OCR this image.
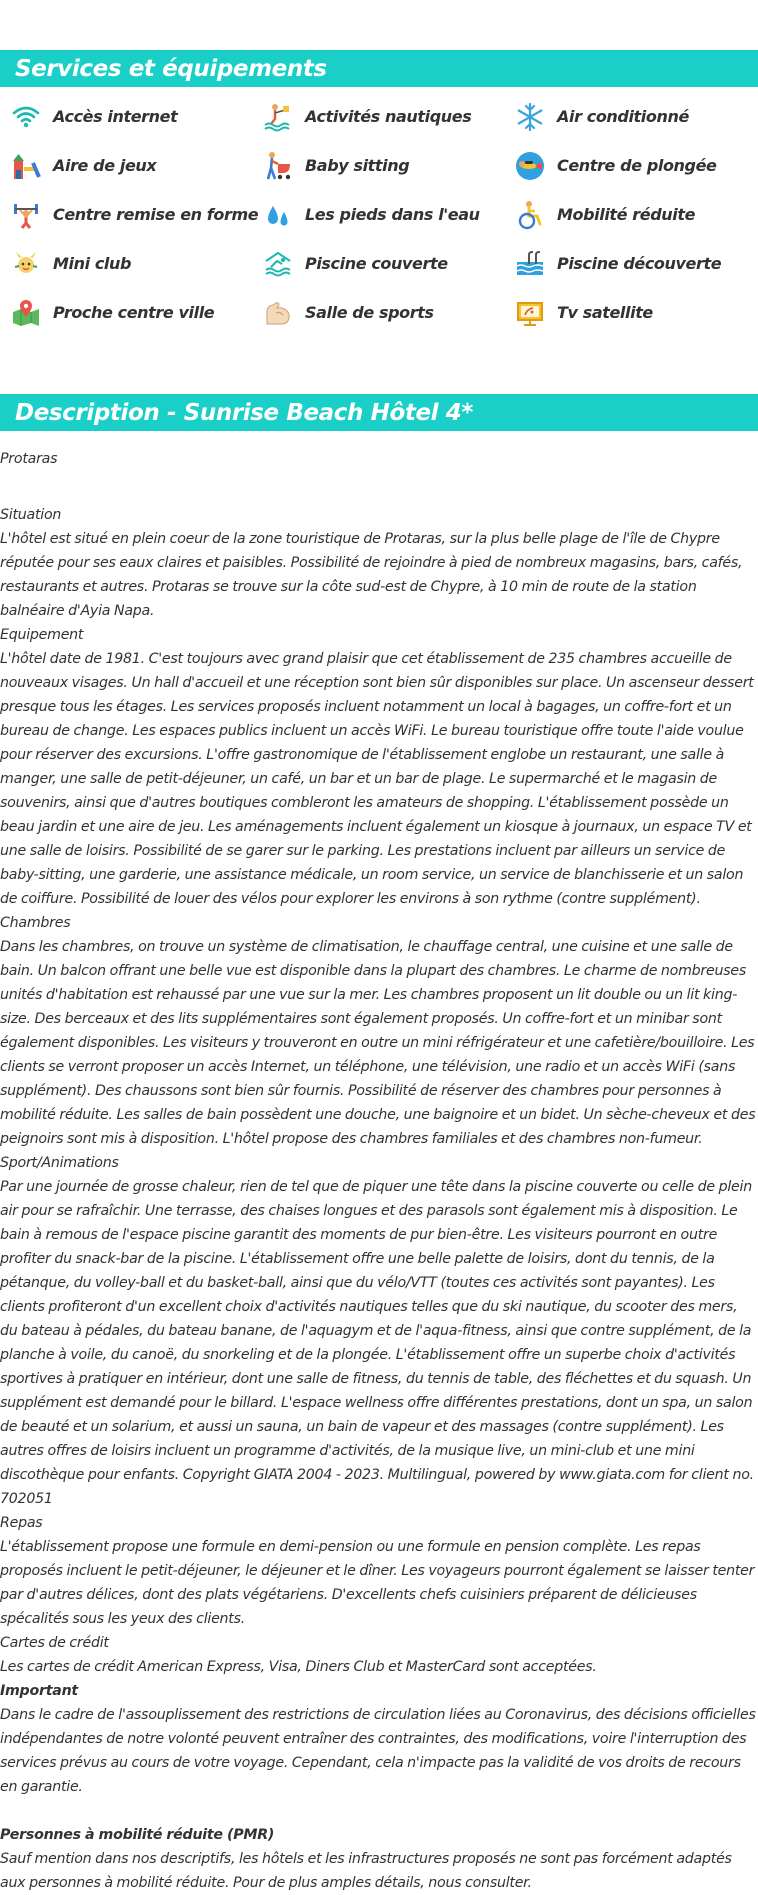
Services et équipements
Accès internet	Activités nautiques	Air conditionné
Aire de jeux	Baby sitting	Centre de plongée
Centre remise en forme	Les pieds dans l'eau	Mobilité réduite
Mini club	Piscine couverte	Piscine découverte
Proche centre ville	Salle de sports	Tv satellite
Description - Sunrise Beach Hôtel 4*

Protaras

Situation

L'hôtel est situé en plein coeur de la zone touristique de Protaras, sur la plus belle plage de l'île de Chypre réputée pour ses eaux claires et paisibles. Possibilité de rejoindre à pied de nombreux magasins, bars, cafés, restaurants et autres. Protaras se trouve sur la côte sud-est de Chypre, à 10 min de route de la station balnéaire d'Ayia Napa.

Equipement

L'hôtel date de 1981. C'est toujours avec grand plaisir que cet établissement de 235 chambres accueille de nouveaux visages. Un hall d'accueil et une réception sont bien sûr disponibles sur place. Un ascenseur dessert presque tous les étages. Les services proposés incluent notamment un local à bagages, un coffre-fort et un bureau de change. Les espaces publics incluent un accès WiFi. Le bureau touristique offre toute l'aide voulue pour réserver des excursions. L'offre gastronomique de l'établissement englobe un restaurant, une salle à manger, une salle de petit-déjeuner, un café, un bar et un bar de plage. Le supermarché et le magasin de souvenirs, ainsi que d'autres boutiques combleront les amateurs de shopping. L'établissement possède un beau jardin et une aire de jeu. Les aménagements incluent également un kiosque à journaux, un espace TV et une salle de loisirs. Possibilité de se garer sur le parking. Les prestations incluent par ailleurs un service de baby-sitting, une garderie, une assistance médicale, un room service, un service de blanchisserie et un salon de coiffure. Possibilité de louer des vélos pour explorer les environs à son rythme (contre supplément).

Chambres

Dans les chambres, on trouve un système de climatisation, le chauffage central, une cuisine et une salle de bain. Un balcon offrant une belle vue est disponible dans la plupart des chambres. Le charme de nombreuses unités d'habitation est rehaussé par une vue sur la mer. Les chambres proposent un lit double ou un lit king-size. Des berceaux et des lits supplémentaires sont également proposés. Un coffre-fort et un minibar sont également disponibles. Les visiteurs y trouveront en outre un mini réfrigérateur et une cafetière/bouilloire. Les clients se verront proposer un accès Internet, un téléphone, une télévision, une radio et un accès WiFi (sans supplément). Des chaussons sont bien sûr fournis. Possibilité de réserver des chambres pour personnes à mobilité réduite. Les salles de bain possèdent une douche, une baignoire et un bidet. Un sèche-cheveux et des peignoirs sont mis à disposition. L'hôtel propose des chambres familiales et des chambres non-fumeur.

Sport/Animations

Par une journée de grosse chaleur, rien de tel que de piquer une tête dans la piscine couverte ou celle de plein air pour se rafraîchir. Une terrasse, des chaises longues et des parasols sont également mis à disposition. Le bain à remous de l'espace piscine garantit des moments de pur bien-être. Les visiteurs pourront en outre profiter du snack-bar de la piscine. L'établissement offre une belle palette de loisirs, dont du tennis, de la pétanque, du volley-ball et du basket-ball, ainsi que du vélo/VTT (toutes ces activités sont payantes). Les clients profiteront d'un excellent choix d'activités nautiques telles que du ski nautique, du scooter des mers, du bateau à pédales, du bateau banane, de l'aquagym et de l'aqua-fitness, ainsi que contre supplément, de la planche à voile, du canoë, du snorkeling et de la plongée. L'établissement offre un superbe choix d'activités sportives à pratiquer en intérieur, dont une salle de fitness, du tennis de table, des fléchettes et du squash. Un supplément est demandé pour le billard. L'espace wellness offre différentes prestations, dont un spa, un salon de beauté et un solarium, et aussi un sauna, un bain de vapeur et des massages (contre supplément). Les autres offres de loisirs incluent un programme d'activités, de la musique live, un mini-club et une mini discothèque pour enfants. Copyright GIATA 2004 - 2023. Multilingual, powered by www.giata.com for client no. 702051

Repas

L'établissement propose une formule en demi-pension ou une formule en pension complète. Les repas proposés incluent le petit-déjeuner, le déjeuner et le dîner. Les voyageurs pourront également se laisser tenter par d'autres délices, dont des plats végétariens. D'excellents chefs cuisiniers préparent de délicieuses spécalités sous les yeux des clients.

Cartes de crédit

Les cartes de crédit American Express, Visa, Diners Club et MasterCard sont acceptées.

Important

Dans le cadre de l'assouplissement des restrictions de circulation liées au Coronavirus, des décisions officielles indépendantes de notre volonté peuvent entraîner des contraintes, des modifications, voire l'interruption des services prévus au cours de votre voyage. Cependant, cela n'impacte pas la validité de vos droits de recours en garantie.

Personnes à mobilité réduite (PMR)

Sauf mention dans nos descriptifs, les hôtels et les infrastructures proposés ne sont pas forcément adaptés aux personnes à mobilité réduite. Pour de plus amples détails, nous consulter.
